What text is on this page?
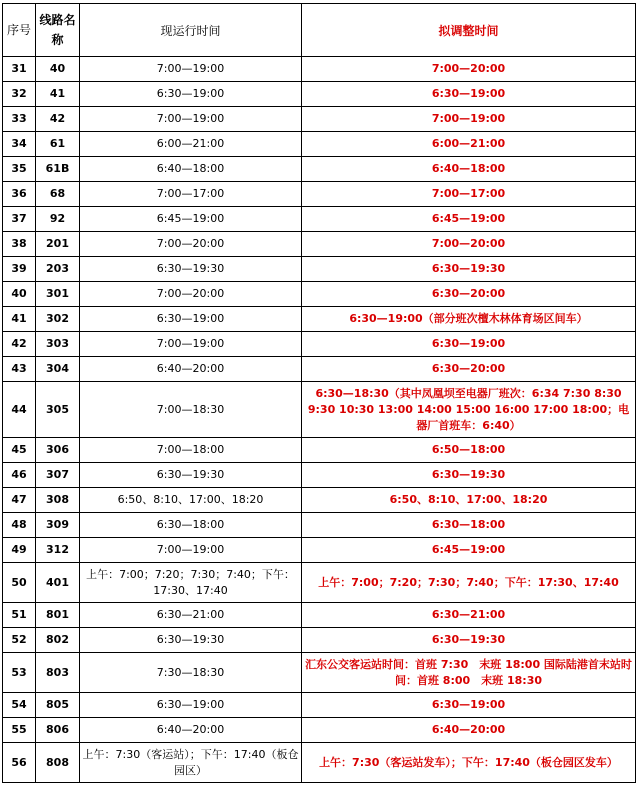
序号	线路名称	现运行时间	拟调整时间
31	40	7:00—19:00	7:00—20:00
32	41	6:30—19:00	6:30—19:00
33	42	7:00—19:00	7:00—19:00
34	61	6:00—21:00	6:00—21:00
35	61B	6:40—18:00	6:40—18:00
36	68	7:00—17:00	7:00—17:00
37	92	6:45—19:00	6:45—19:00
38	201	7:00—20:00	7:00—20:00
39	203	6:30—19:30	6:30—19:30
40	301	7:00—20:00	6:30—20:00
41	302	6:30—19:00	6:30—19:00（部分班次檀木林体育场区间车）
42	303	7:00—19:00	6:30—19:00
43	304	6:40—20:00	6:30—20:00
44	305	7:00—18:30	6:30—18:30（其中凤凰坝至电器厂班次：6:34 7:30 8:30 9:30 10:30 13:00 14:00 15:00 16:00 17:00 18:00；电器厂首班车：6:40）
45	306	7:00—18:00	6:50—18:00
46	307	6:30—19:30	6:30—19:30
47	308	6:50、8:10、17:00、18:20	6:50、8:10、17:00、18:20
48	309	6:30—18:00	6:30—18:00
49	312	7:00—19:00	6:45—19:00
50	401	上午：7:00；7:20；7:30；7:40；下午：17:30、17:40	上午：7:00；7:20；7:30；7:40；下午：17:30、17:40
51	801	6:30—21:00	6:30—21:00
52	802	6:30—19:30	6:30—19:30
53	803	7:30—18:30	汇东公交客运站时间：首班 7:30　末班 18:00 国际陆港首末站时间：首班 8:00　末班 18:30
54	805	6:30—19:00	6:30—19:00
55	806	6:40—20:00	6:40—20:00
56	808	上午：7:30（客运站）；下午：17:40（板仓园区）	上午：7:30（客运站发车）；下午：17:40（板仓园区发车）
